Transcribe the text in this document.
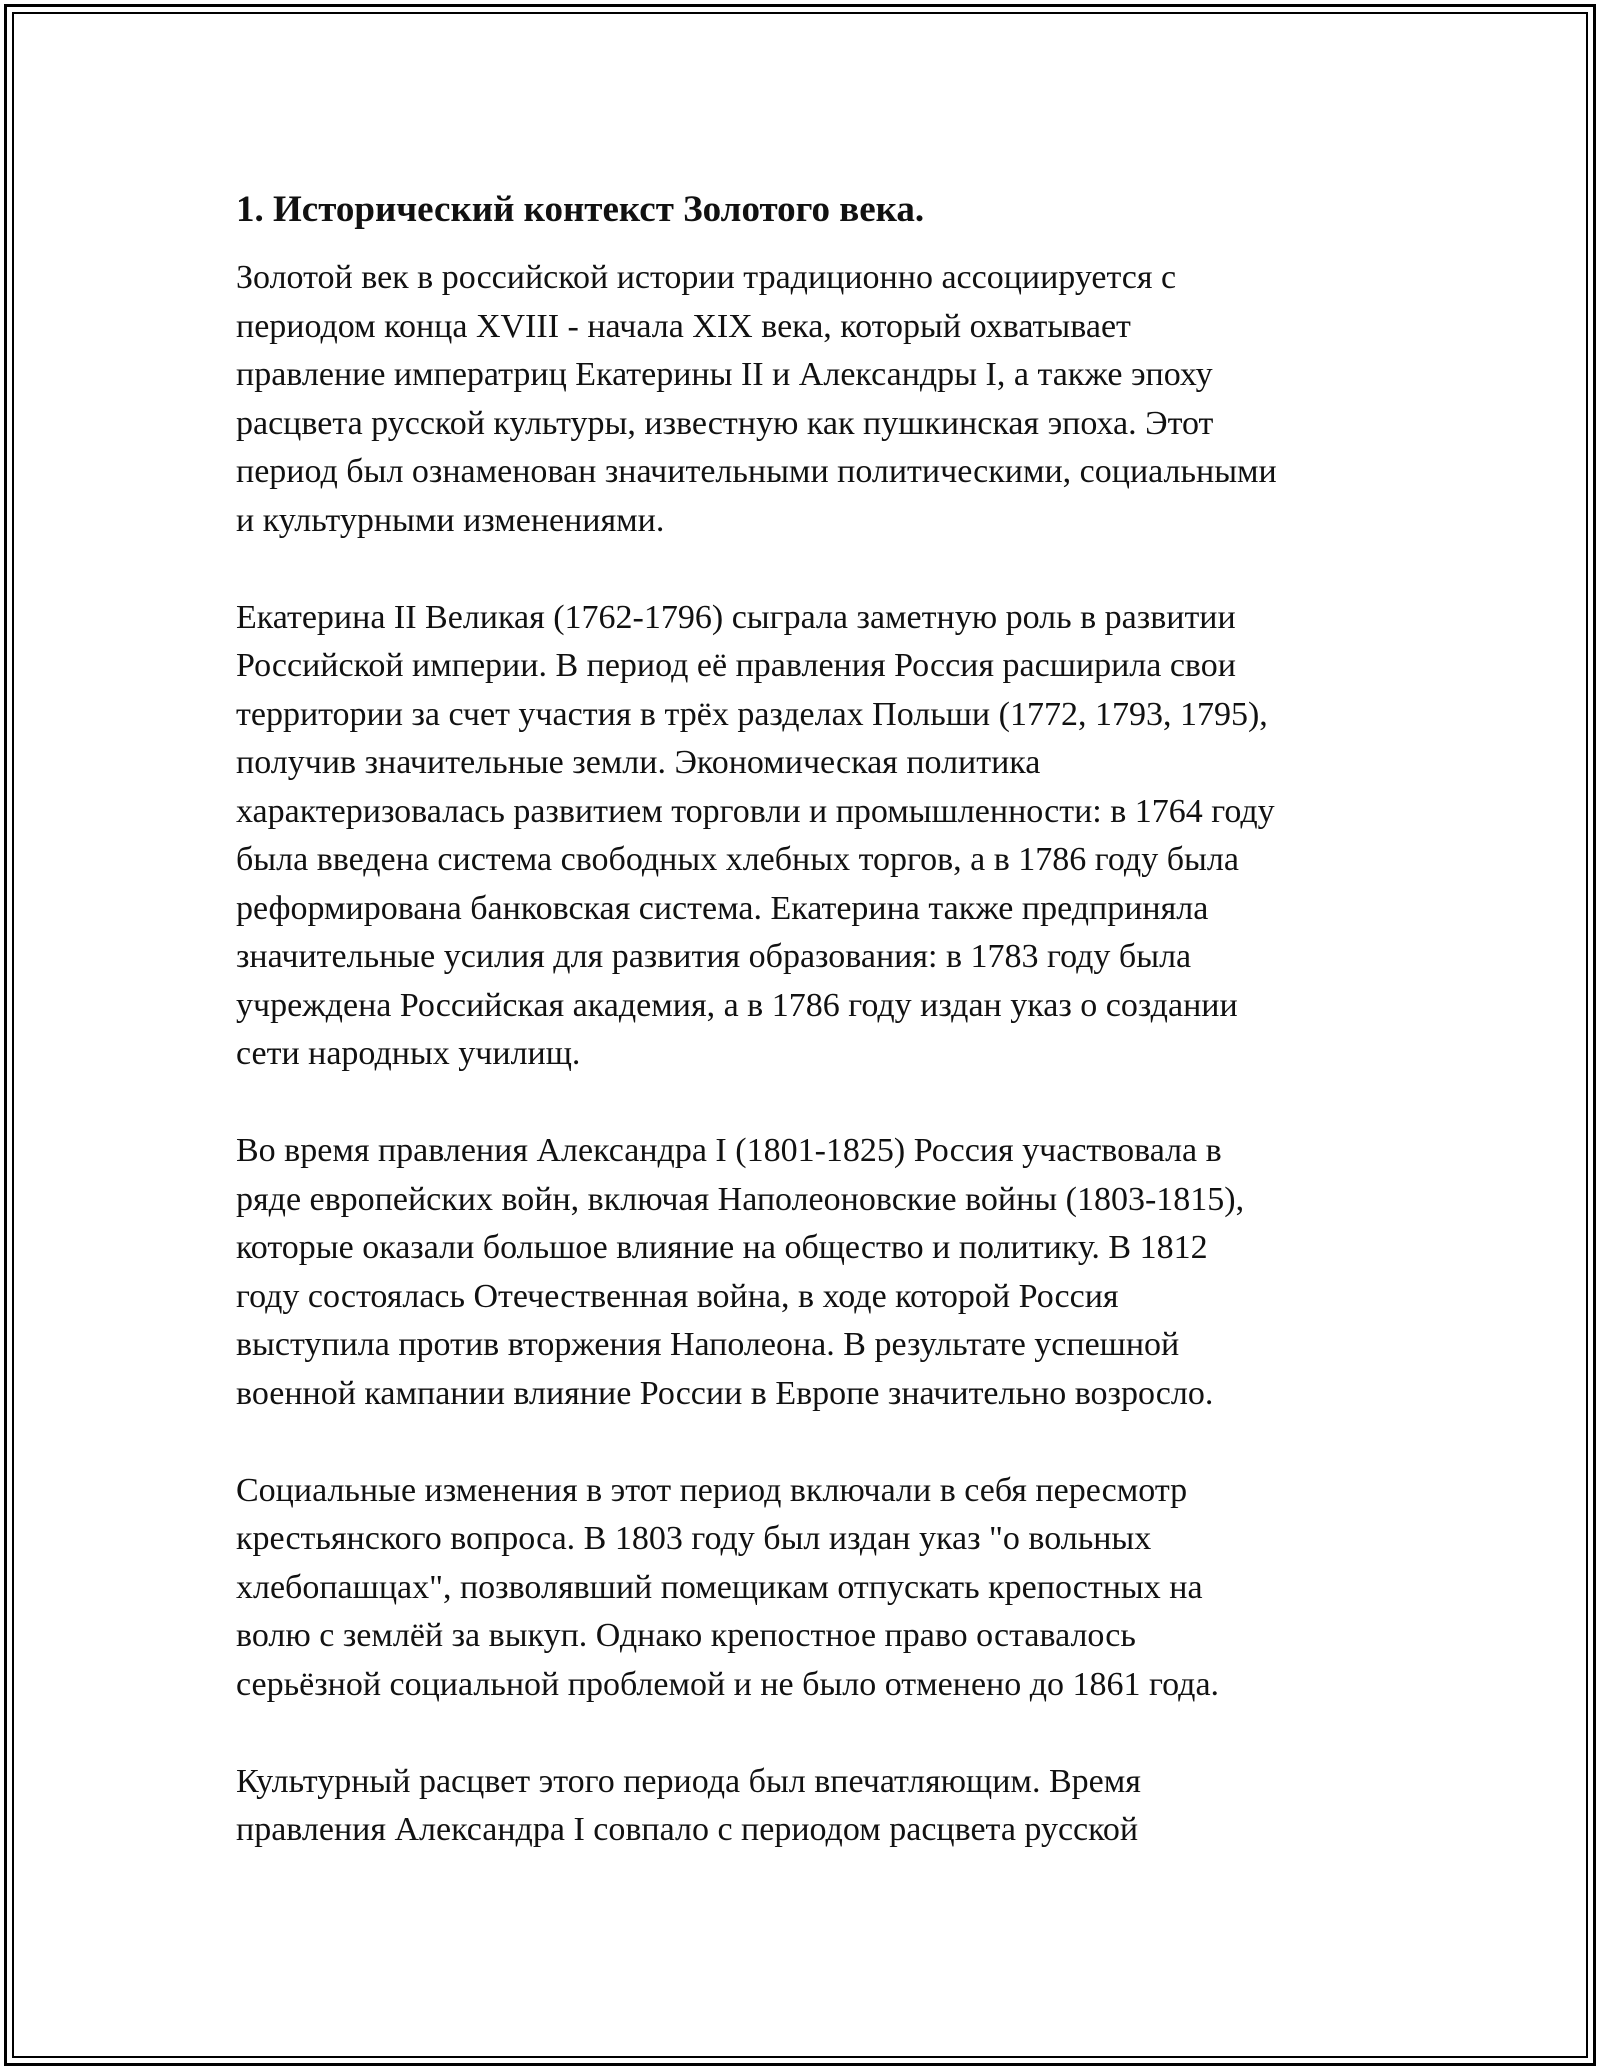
1. Исторический контекст Золотого века.
Золотой век в российской истории традиционно ассоциируется с
периодом конца XVIII - начала XIX века, который охватывает
правление императриц Екатерины II и Александры I, а также эпоху
расцвета русской культуры, известную как пушкинская эпоха. Этот
период был ознаменован значительными политическими, социальными
и культурными изменениями.
Екатерина II Великая (1762-1796) сыграла заметную роль в развитии
Российской империи. В период её правления Россия расширила свои
территории за счет участия в трёх разделах Польши (1772, 1793, 1795),
получив значительные земли. Экономическая политика
характеризовалась развитием торговли и промышленности: в 1764 году
была введена система свободных хлебных торгов, а в 1786 году была
реформирована банковская система. Екатерина также предприняла
значительные усилия для развития образования: в 1783 году была
учреждена Российская академия, а в 1786 году издан указ о создании
сети народных училищ.
Во время правления Александра I (1801-1825) Россия участвовала в
ряде европейских войн, включая Наполеоновские войны (1803-1815),
которые оказали большое влияние на общество и политику. В 1812
году состоялась Отечественная война, в ходе которой Россия
выступила против вторжения Наполеона. В результате успешной
военной кампании влияние России в Европе значительно возросло.
Социальные изменения в этот период включали в себя пересмотр
крестьянского вопроса. В 1803 году был издан указ "о вольных
хлебопашцах", позволявший помещикам отпускать крепостных на
волю с землёй за выкуп. Однако крепостное право оставалось
серьёзной социальной проблемой и не было отменено до 1861 года.
Культурный расцвет этого периода был впечатляющим. Время
правления Александра I совпало с периодом расцвета русской
